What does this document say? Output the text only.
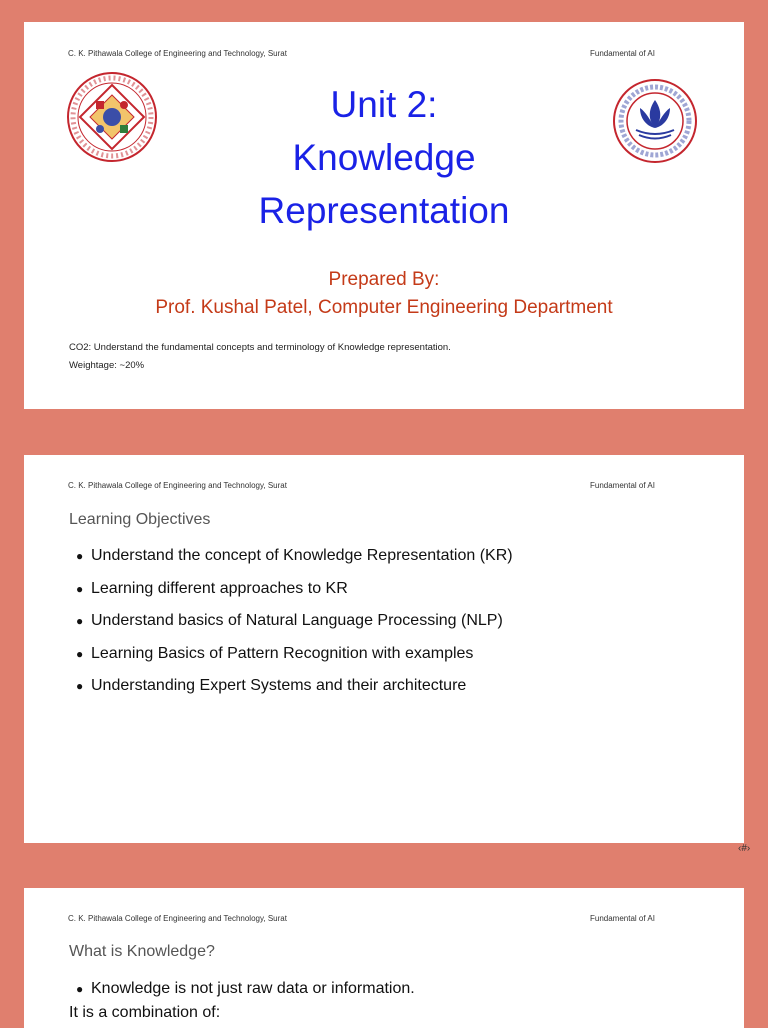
C. K. Pithawala College of Engineering and Technology, Surat	Fundamental of AI
Unit 2:
Knowledge
Representation
Prepared By:
Prof. Kushal Patel, Computer Engineering Department
CO2: Understand the fundamental concepts and terminology of Knowledge representation.
Weightage: ~20%
C. K. Pithawala College of Engineering and Technology, Surat	Fundamental of AI
Learning Objectives
● Understand the concept of Knowledge Representation (KR)
● Learning different approaches to KR
● Understand basics of Natural Language Processing (NLP)
● Learning Basics of Pattern Recognition with examples
● Understanding Expert Systems and their architecture
‹#›
C. K. Pithawala College of Engineering and Technology, Surat	Fundamental of AI
What is Knowledge?
● Knowledge is not just raw data or information.
It is a combination of:
